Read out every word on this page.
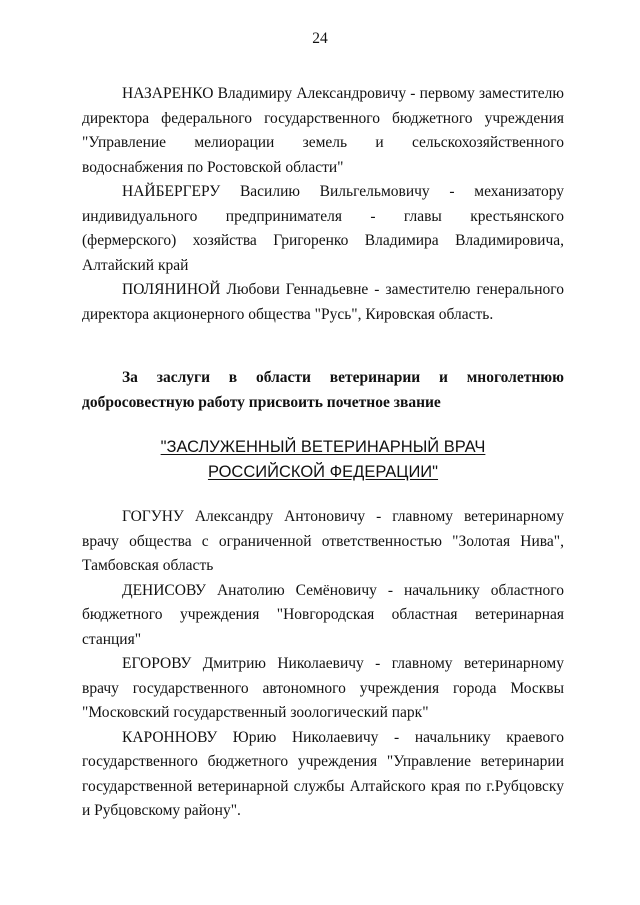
24

НАЗАРЕНКО Владимиру Александровичу - первому заместителю директора федерального государственного бюджетного учреждения "Управление мелиорации земель и сельскохозяйственного водоснабжения по Ростовской области"

НАЙБЕРГЕРУ Василию Вильгельмовичу - механизатору индивидуального предпринимателя - главы крестьянского (фермерского) хозяйства Григоренко Владимира Владимировича, Алтайский край

ПОЛЯНИНОЙ Любови Геннадьевне - заместителю генерального директора акционерного общества "Русь", Кировская область.

За заслуги в области ветеринарии и многолетнюю
добросовестную работу присвоить почетное звание
"ЗАСЛУЖЕННЫЙ ВЕТЕРИНАРНЫЙ ВРАЧ
РОССИЙСКОЙ ФЕДЕРАЦИИ"

ГОГУНУ Александру Антоновичу - главному ветеринарному врачу общества с ограниченной ответственностью "Золотая Нива", Тамбовская область

ДЕНИСОВУ Анатолию Семёновичу - начальнику областного бюджетного учреждения "Новгородская областная ветеринарная станция"

ЕГОРОВУ Дмитрию Николаевичу - главному ветеринарному врачу государственного автономного учреждения города Москвы "Московский государственный зоологический парк"

КАРОННОВУ Юрию Николаевичу - начальнику краевого государственного бюджетного учреждения "Управление ветеринарии государственной ветеринарной службы Алтайского края по г.Рубцовску и Рубцовскому району".
